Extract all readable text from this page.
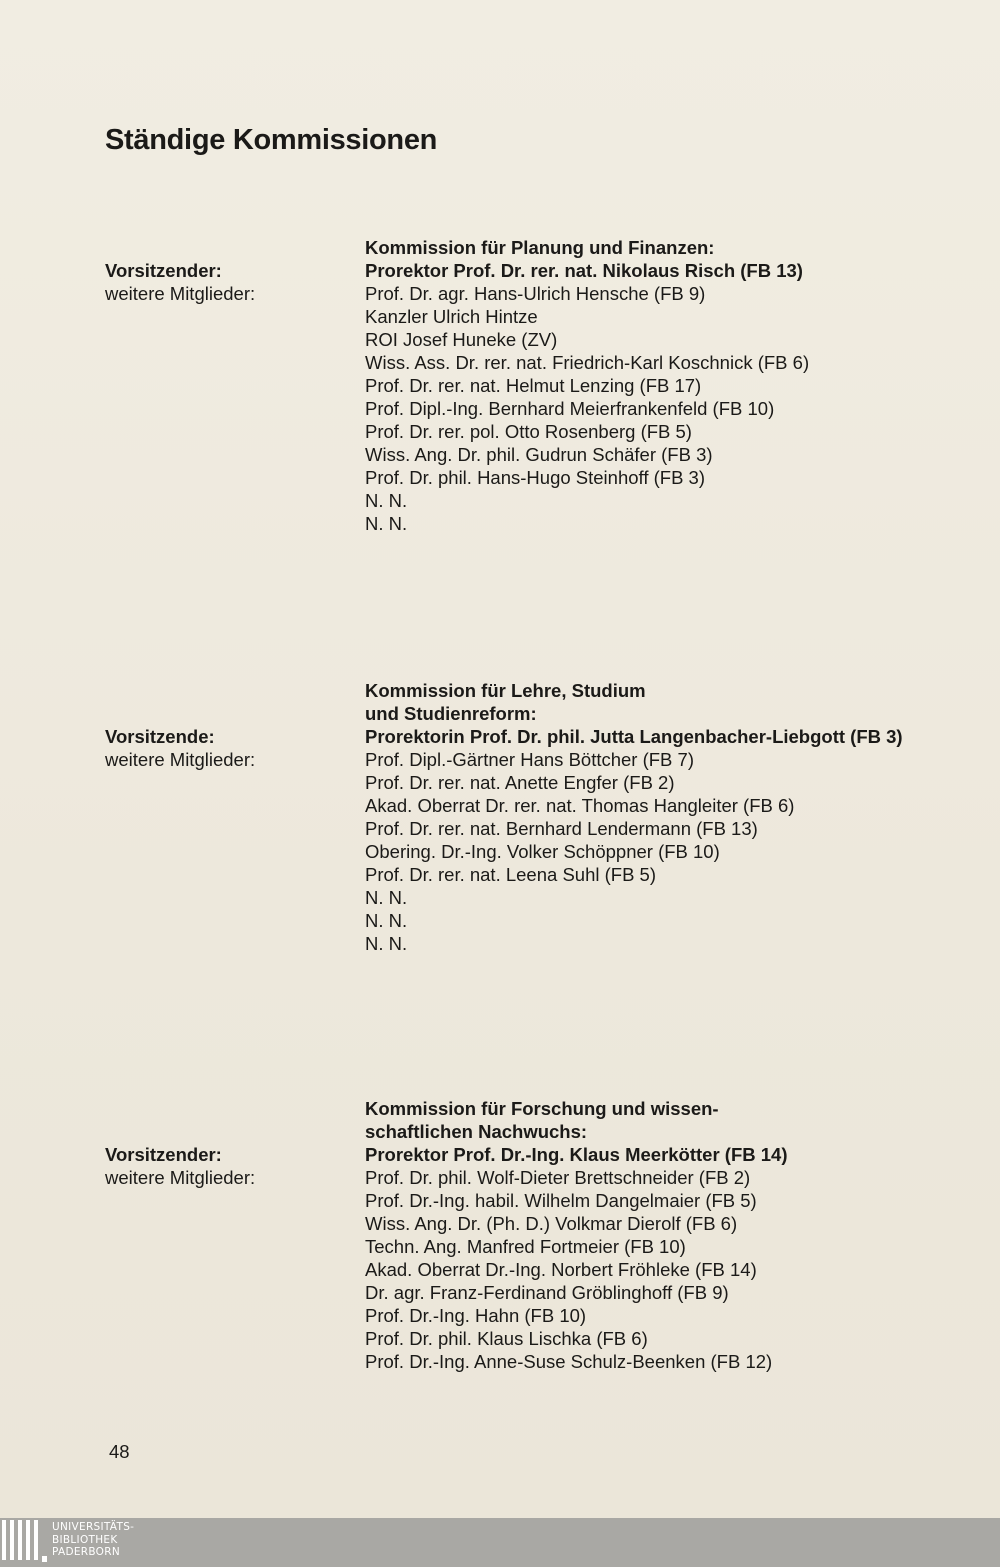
Ständige Kommissionen
Kommission für Planung und Finanzen:
Vorsitzender:	Prorektor Prof. Dr. rer. nat. Nikolaus Risch (FB 13)
weitere Mitglieder:	Prof. Dr. agr. Hans-Ulrich Hensche (FB 9)
Kanzler Ulrich Hintze
ROI Josef Huneke (ZV)
Wiss. Ass. Dr. rer. nat. Friedrich-Karl Koschnick (FB 6)
Prof. Dr. rer. nat. Helmut Lenzing (FB 17)
Prof. Dipl.-Ing. Bernhard Meierfrankenfeld (FB 10)
Prof. Dr. rer. pol. Otto Rosenberg (FB 5)
Wiss. Ang. Dr. phil. Gudrun Schäfer (FB 3)
Prof. Dr. phil. Hans-Hugo Steinhoff (FB 3)
N. N.
N. N.
Kommission für Lehre, Studium
und Studienreform:
Vorsitzende:	Prorektorin Prof. Dr. phil. Jutta Langenbacher-Liebgott (FB 3)
weitere Mitglieder:	Prof. Dipl.-Gärtner Hans Böttcher (FB 7)
Prof. Dr. rer. nat. Anette Engfer (FB 2)
Akad. Oberrat Dr. rer. nat. Thomas Hangleiter (FB 6)
Prof. Dr. rer. nat. Bernhard Lendermann (FB 13)
Obering. Dr.-Ing. Volker Schöppner (FB 10)
Prof. Dr. rer. nat. Leena Suhl (FB 5)
N. N.
N. N.
N. N.
Kommission für Forschung und wissen-
schaftlichen Nachwuchs:
Vorsitzender:	Prorektor Prof. Dr.-Ing. Klaus Meerkötter (FB 14)
weitere Mitglieder:	Prof. Dr. phil. Wolf-Dieter Brettschneider (FB 2)
Prof. Dr.-Ing. habil. Wilhelm Dangelmaier (FB 5)
Wiss. Ang. Dr. (Ph. D.) Volkmar Dierolf (FB 6)
Techn. Ang. Manfred Fortmeier (FB 10)
Akad. Oberrat Dr.-Ing. Norbert Fröhleke (FB 14)
Dr. agr. Franz-Ferdinand Gröblinghoff (FB 9)
Prof. Dr.-Ing. Hahn (FB 10)
Prof. Dr. phil. Klaus Lischka (FB 6)
Prof. Dr.-Ing. Anne-Suse Schulz-Beenken (FB 12)
48
UNIVERSITÄTS-
BIBLIOTHEK
PADERBORN
